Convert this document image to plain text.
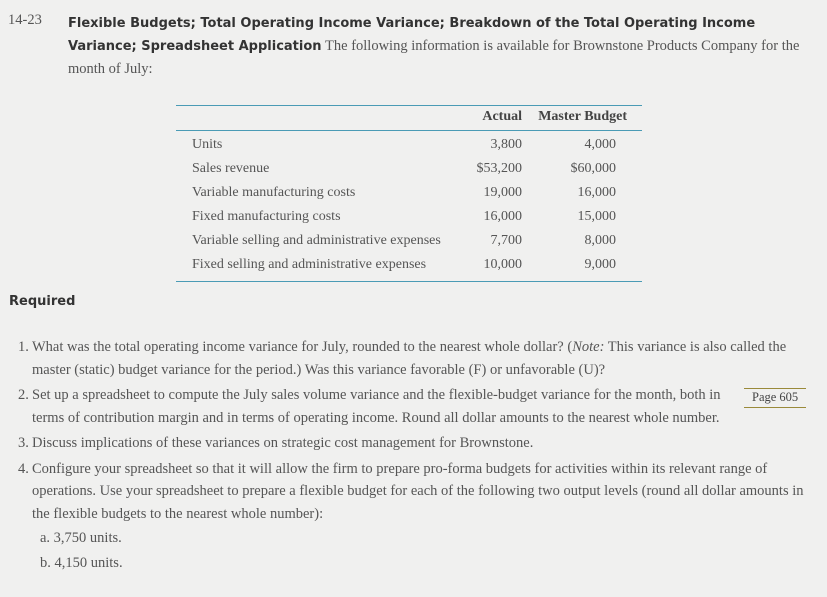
14-23 Flexible Budgets; Total Operating Income Variance; Breakdown of the Total Operating Income Variance; Spreadsheet Application The following information is available for Brownstone Products Company for the month of July:
Actual Master Budget
Units	3,800	4,000
Sales revenue	$53,200	$60,000
Variable manufacturing costs	19,000	16,000
Fixed manufacturing costs	16,000	15,000
Variable selling and administrative expenses	7,700	8,000
Fixed selling and administrative expenses	10,000	9,000
Required
1. What was the total operating income variance for July, rounded to the nearest whole dollar? (Note: This variance is also called the master (static) budget variance for the period.) Was this variance favorable (F) or unfavorable (U)?
2. Set up a spreadsheet to compute the July sales volume variance and the flexible-budget variance for the month, both in terms of contribution margin and in terms of operating income. Round all dollar amounts to the nearest whole number.
3. Discuss implications of these variances on strategic cost management for Brownstone.
4. Configure your spreadsheet so that it will allow the firm to prepare pro-forma budgets for activities within its relevant range of operations. Use your spreadsheet to prepare a flexible budget for each of the following two output levels (round all dollar amounts in the flexible budgets to the nearest whole number):
a. 3,750 units.
b. 4,150 units.
Page 605
